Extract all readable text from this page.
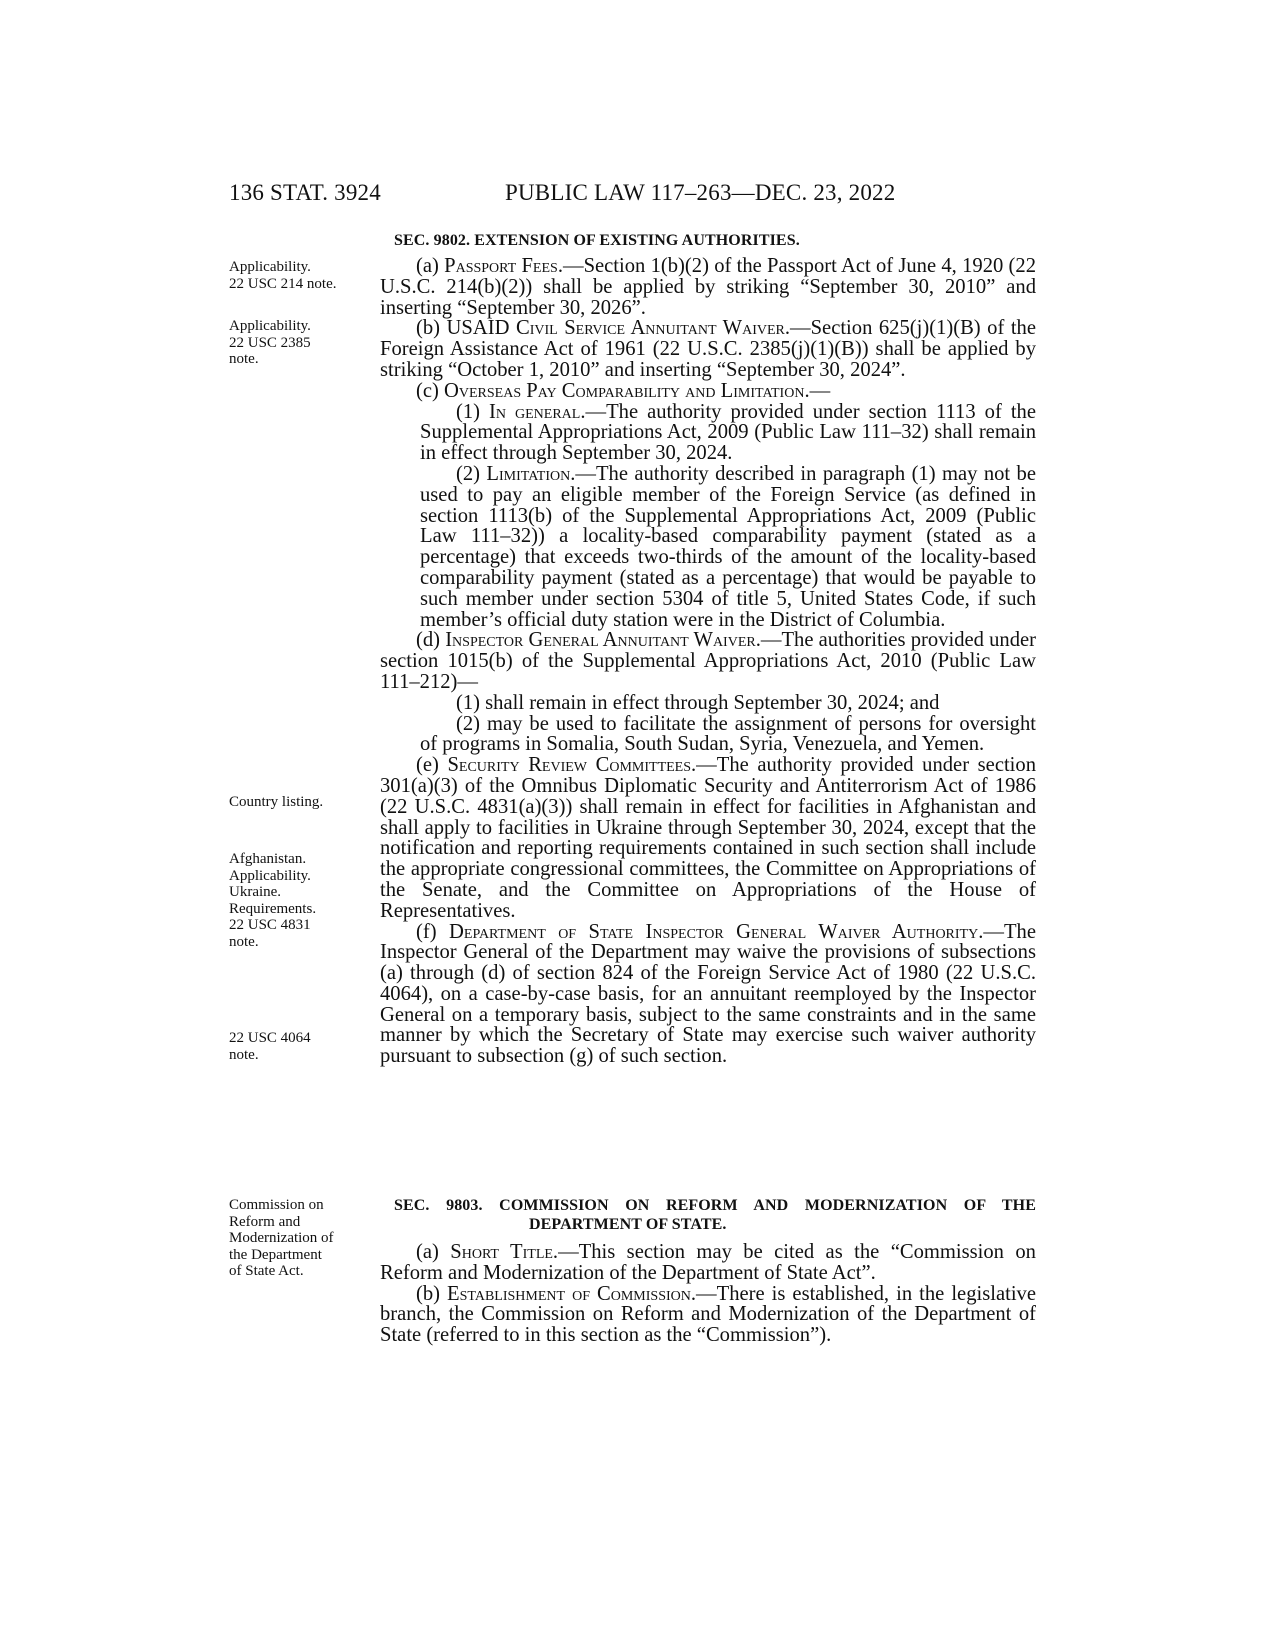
136 STAT. 3924	PUBLIC LAW 117–263—DEC. 23, 2022
Applicability.
22 USC 214 note.
Applicability.
22 USC 2385
note.
Country listing.
Afghanistan.
Applicability.
Ukraine.
Requirements.
22 USC 4831
note.
22 USC 4064
note.
Commission on
Reform and
Modernization of
the Department
of State Act.

SEC. 9802. EXTENSION OF EXISTING AUTHORITIES.

(a) Passport Fees.—Section 1(b)(2) of the Passport Act of June 4, 1920 (22 U.S.C. 214(b)(2)) shall be applied by striking “September 30, 2010” and inserting “September 30, 2026”.

(b) USAID Civil Service Annuitant Waiver.—Section 625(j)(1)(B) of the Foreign Assistance Act of 1961 (22 U.S.C. 2385(j)(1)(B)) shall be applied by striking “October 1, 2010” and inserting “September 30, 2024”.

(c) Overseas Pay Comparability and Limitation.—

(1) In general.—The authority provided under section 1113 of the Supplemental Appropriations Act, 2009 (Public Law 111–32) shall remain in effect through September 30, 2024.

(2) Limitation.—The authority described in paragraph (1) may not be used to pay an eligible member of the Foreign Service (as defined in section 1113(b) of the Supplemental Appropriations Act, 2009 (Public Law 111–32)) a locality-based comparability payment (stated as a percentage) that exceeds two-thirds of the amount of the locality-based comparability payment (stated as a percentage) that would be payable to such member under section 5304 of title 5, United States Code, if such member’s official duty station were in the District of Columbia.

(d) Inspector General Annuitant Waiver.—The authorities provided under section 1015(b) of the Supplemental Appropriations Act, 2010 (Public Law 111–212)—

(1) shall remain in effect through September 30, 2024; and

(2) may be used to facilitate the assignment of persons for oversight of programs in Somalia, South Sudan, Syria, Venezuela, and Yemen.

(e) Security Review Committees.—The authority provided under section 301(a)(3) of the Omnibus Diplomatic Security and Antiterrorism Act of 1986 (22 U.S.C. 4831(a)(3)) shall remain in effect for facilities in Afghanistan and shall apply to facilities in Ukraine through September 30, 2024, except that the notification and reporting requirements contained in such section shall include the appropriate congressional committees, the Committee on Appropriations of the Senate, and the Committee on Appropriations of the House of Representatives.

(f) Department of State Inspector General Waiver Authority.—The Inspector General of the Department may waive the provisions of subsections (a) through (d) of section 824 of the Foreign Service Act of 1980 (22 U.S.C. 4064), on a case-by-case basis, for an annuitant reemployed by the Inspector General on a temporary basis, subject to the same constraints and in the same manner by which the Secretary of State may exercise such waiver authority pursuant to subsection (g) of such section.

SEC. 9803. COMMISSION ON REFORM AND MODERNIZATION OF THE DEPARTMENT OF STATE.

(a) Short Title.—This section may be cited as the “Commission on Reform and Modernization of the Department of State Act”.

(b) Establishment of Commission.—There is established, in the legislative branch, the Commission on Reform and Modernization of the Department of State (referred to in this section as the “Commission”).
